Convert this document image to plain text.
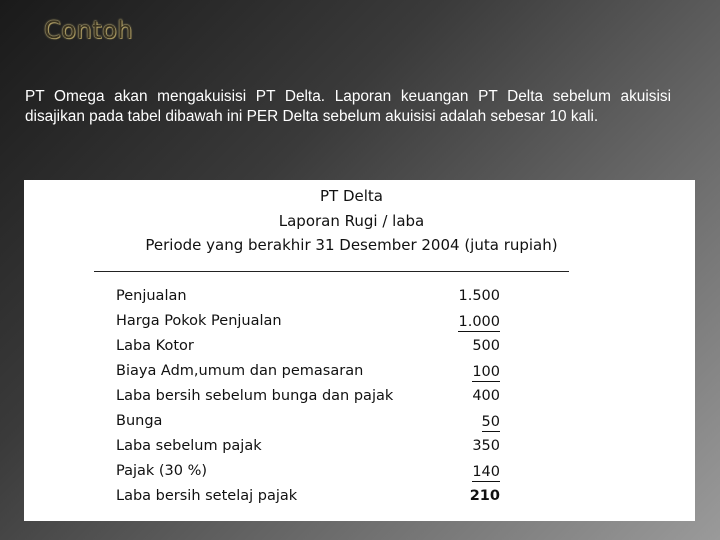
Contoh
PT Omega akan mengakuisisi PT Delta. Laporan keuangan PT Delta sebelum akuisisi disajikan pada tabel dibawah ini PER Delta sebelum akuisisi adalah sebesar 10 kali.
PT Delta
Laporan Rugi / laba
Periode yang berakhir 31 Desember 2004 (juta rupiah)
Penjualan	1.500
Harga Pokok Penjualan	1.000
Laba Kotor	500
Biaya Adm,umum dan pemasaran	100
Laba bersih sebelum bunga dan pajak	400
Bunga	50
Laba sebelum pajak	350
Pajak (30 %)	140
Laba bersih setelaj pajak	210
